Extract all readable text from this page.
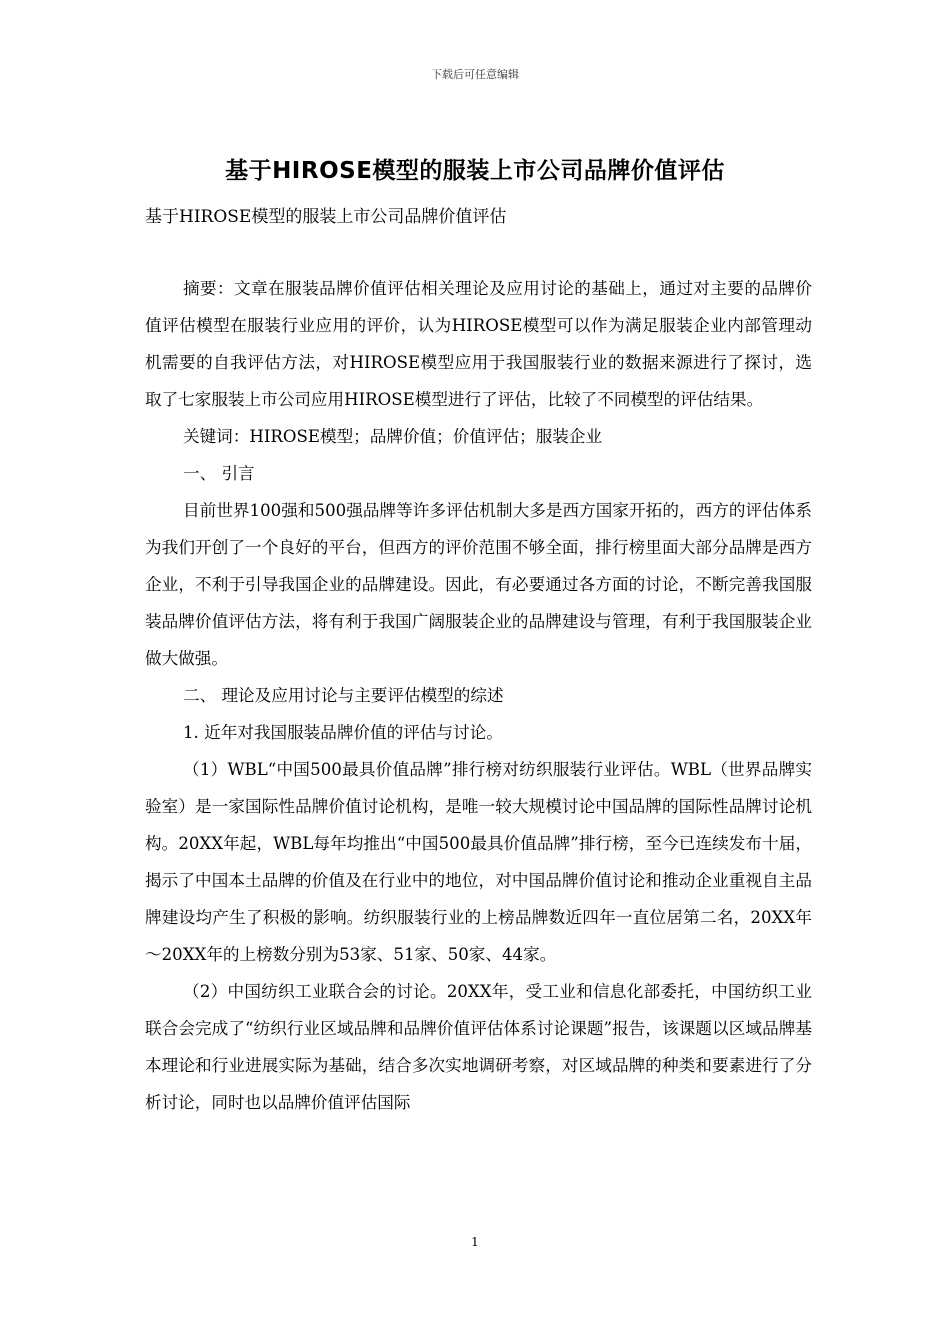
下载后可任意编辑
基于HIROSE模型的服装上市公司品牌价值评估
基于HIROSE模型的服装上市公司品牌价值评估

摘要：文章在服装品牌价值评估相关理论及应用讨论的基础上，通过对主要的品牌价值评估模型在服装行业应用的评价，认为HIROSE模型可以作为满足服装企业内部管理动机需要的自我评估方法，对HIROSE模型应用于我国服装行业的数据来源进行了探讨，选取了七家服装上市公司应用HIROSE模型进行了评估，比较了不同模型的评估结果。

关键词：HIROSE模型；品牌价值；价值评估；服装企业

一、 引言

目前世界100强和500强品牌等许多评估机制大多是西方国家开拓的，西方的评估体系为我们开创了一个良好的平台，但西方的评价范围不够全面，排行榜里面大部分品牌是西方企业，不利于引导我国企业的品牌建设。因此，有必要通过各方面的讨论，不断完善我国服装品牌价值评估方法，将有利于我国广阔服装企业的品牌建设与管理，有利于我国服装企业做大做强。

二、 理论及应用讨论与主要评估模型的综述

1. 近年对我国服装品牌价值的评估与讨论。

（1）WBL“中国500最具价值品牌”排行榜对纺织服装行业评估。WBL（世界品牌实验室）是一家国际性品牌价值讨论机构，是唯一较大规模讨论中国品牌的国际性品牌讨论机构。20XX年起，WBL每年均推出“中国500最具价值品牌”排行榜，至今已连续发布十届，揭示了中国本土品牌的价值及在行业中的地位，对中国品牌价值讨论和推动企业重视自主品牌建设均产生了积极的影响。纺织服装行业的上榜品牌数近四年一直位居第二名，20XX年～20XX年的上榜数分别为53家、51家、50家、44家。

（2）中国纺织工业联合会的讨论。20XX年，受工业和信息化部委托，中国纺织工业联合会完成了“纺织行业区域品牌和品牌价值评估体系讨论课题”报告，该课题以区域品牌基本理论和行业进展实际为基础，结合多次实地调研考察，对区域品牌的种类和要素进行了分析讨论，同时也以品牌价值评估国际

1
